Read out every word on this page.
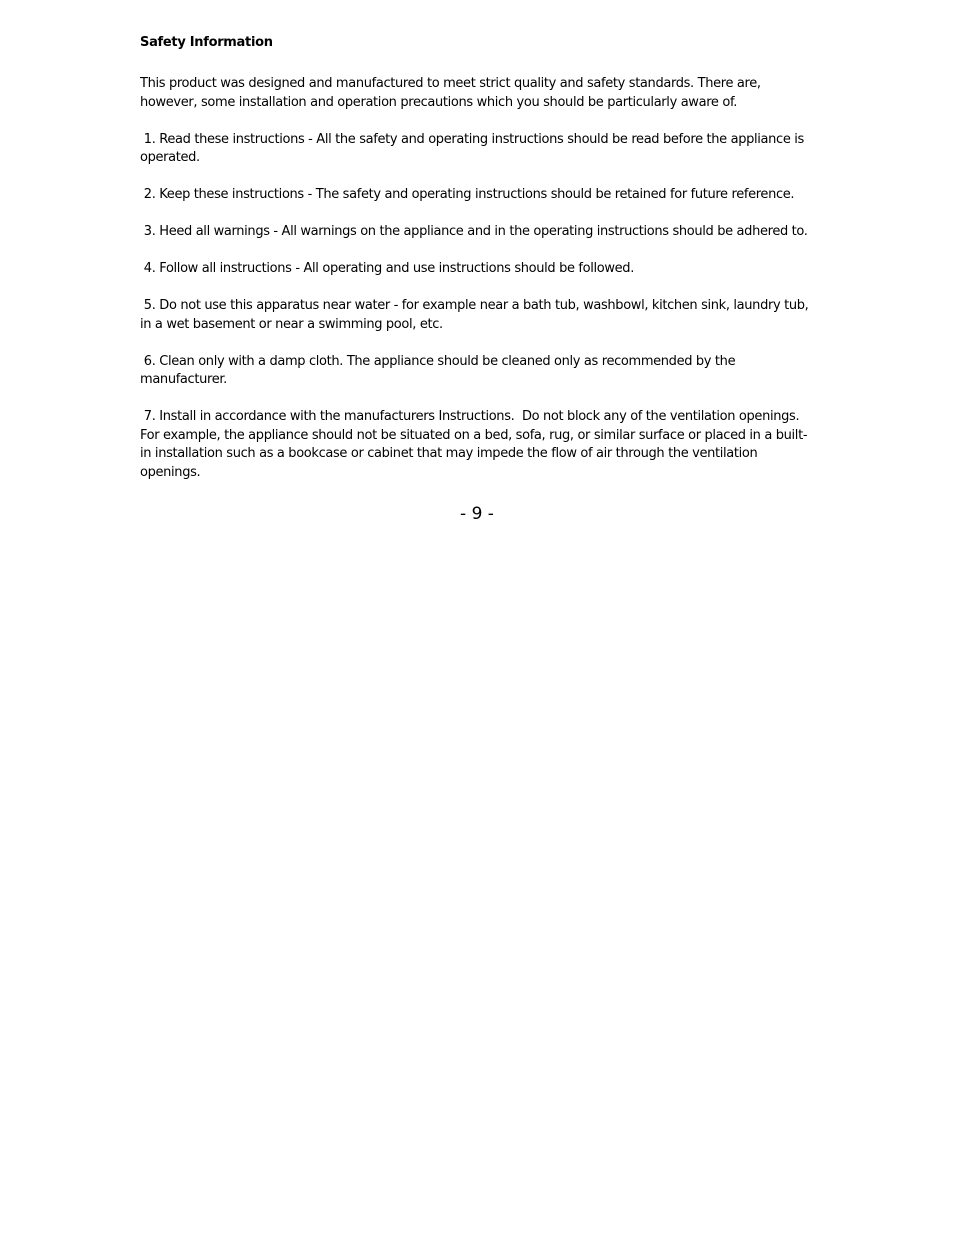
Safety Information

This product was designed and manufactured to meet strict quality and safety standards. There are, however, some installation and operation precautions which you should be particularly aware of.

1. Read these instructions - All the safety and operating instructions should be read before the appliance is operated.

2. Keep these instructions - The safety and operating instructions should be retained for future reference.

3. Heed all warnings - All warnings on the appliance and in the operating instructions should be adhered to.

4. Follow all instructions - All operating and use instructions should be followed.

5. Do not use this apparatus near water - for example near a bath tub, washbowl, kitchen sink, laundry tub, in a wet basement or near a swimming pool, etc.

6. Clean only with a damp cloth. The appliance should be cleaned only as recommended by the manufacturer.

7. Install in accordance with the manufacturers Instructions.  Do not block any of the ventilation openings. For example, the appliance should not be situated on a bed, sofa, rug, or similar surface or placed in a built-in installation such as a bookcase or cabinet that may impede the flow of air through the ventilation openings.

- 9 -
